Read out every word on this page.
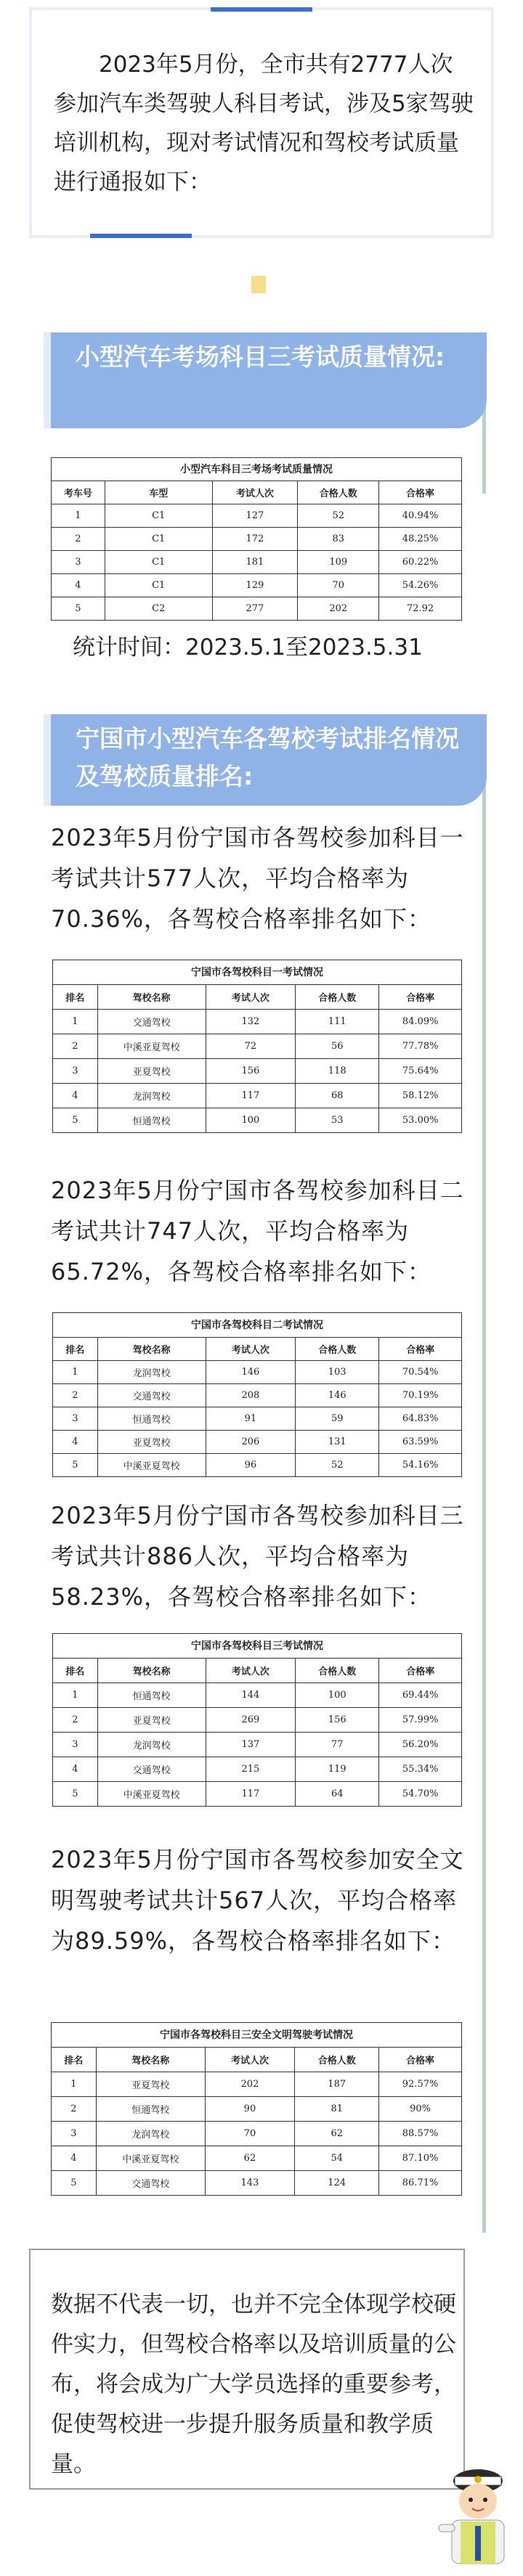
2023年5月份，全市共有2777人次参加汽车类驾驶人科目考试，涉及5家驾驶培训机构，现对考试情况和驾校考试质量进行通报如下：

小型汽车考场科目三考试质量情况:
小型汽车科目三考场考试质量情况
考车号	车型	考试人次	合格人数	合格率
1	C1	127	52	40.94%
2	C1	172	83	48.25%
3	C1	181	109	60.22%
4	C1	129	70	54.26%
5	C2	277	202	72.92
统计时间：2023.5.1至2023.5.31
宁国市小型汽车各驾校考试排名情况及驾校质量排名:
2023年5月份宁国市各驾校参加科目一考试共计577人次，平均合格率为70.36%，各驾校合格率排名如下：
宁国市各驾校科目一考试情况
排名	驾校名称	考试人次	合格人数	合格率
1	交通驾校	132	111	84.09%
2	中溪亚夏驾校	72	56	77.78%
3	亚夏驾校	156	118	75.64%
4	龙润驾校	117	68	58.12%
5	恒通驾校	100	53	53.00%
2023年5月份宁国市各驾校参加科目二考试共计747人次，平均合格率为65.72%，各驾校合格率排名如下：
宁国市各驾校科目二考试情况
排名	驾校名称	考试人次	合格人数	合格率
1	龙润驾校	146	103	70.54%
2	交通驾校	208	146	70.19%
3	恒通驾校	91	59	64.83%
4	亚夏驾校	206	131	63.59%
5	中溪亚夏驾校	96	52	54.16%
2023年5月份宁国市各驾校参加科目三考试共计886人次，平均合格率为58.23%，各驾校合格率排名如下：
宁国市各驾校科目三考试情况
排名	驾校名称	考试人次	合格人数	合格率
1	恒通驾校	144	100	69.44%
2	亚夏驾校	269	156	57.99%
3	龙润驾校	137	77	56.20%
4	交通驾校	215	119	55.34%
5	中溪亚夏驾校	117	64	54.70%
2023年5月份宁国市各驾校参加安全文明驾驶考试共计567人次，平均合格率为89.59%，各驾校合格率排名如下：
宁国市各驾校科目三安全文明驾驶考试情况
排名	驾校名称	考试人次	合格人数	合格率
1	亚夏驾校	202	187	92.57%
2	恒通驾校	90	81	90%
3	龙润驾校	70	62	88.57%
4	中溪亚夏驾校	62	54	87.10%
5	交通驾校	143	124	86.71%

数据不代表一切，也并不完全体现学校硬件实力，但驾校合格率以及培训质量的公布，将会成为广大学员选择的重要参考，促使驾校进一步提升服务质量和教学质量。
